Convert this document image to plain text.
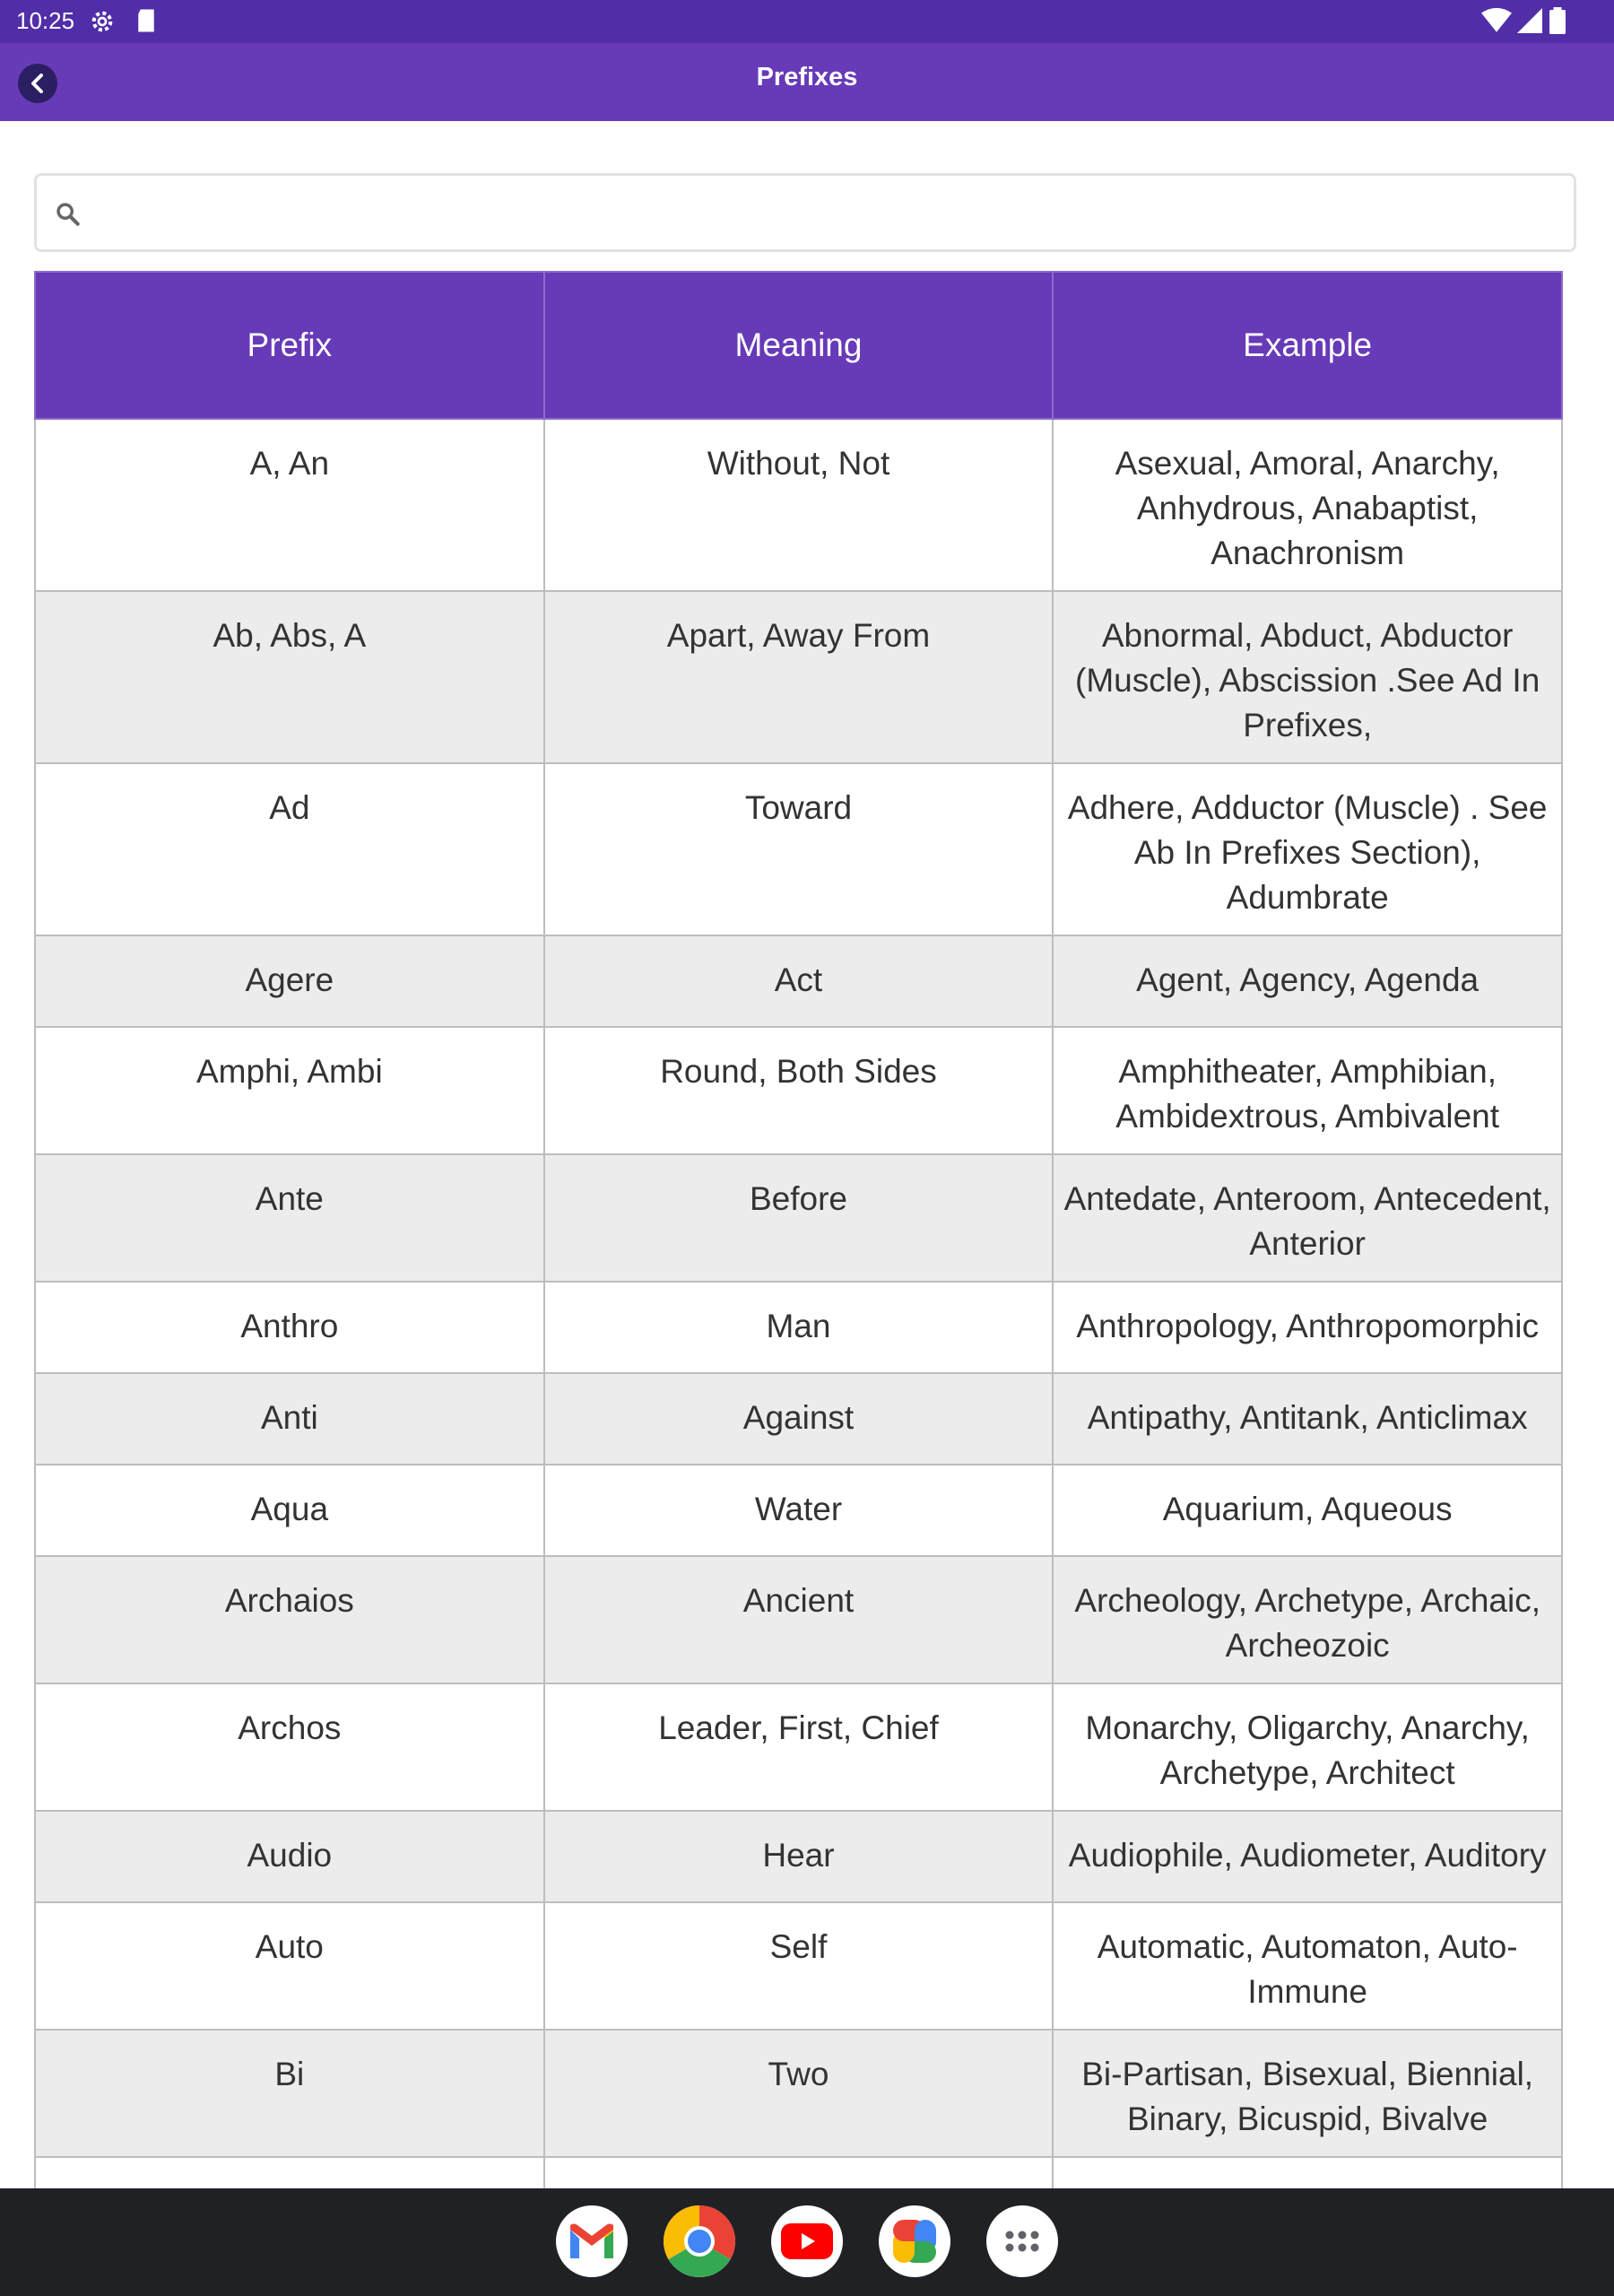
10:25
Prefixes
Prefix	Meaning	Example
A, An	Without, Not	Asexual, Amoral, Anarchy, Anhydrous, Anabaptist, Anachronism
Ab, Abs, A	Apart, Away From	Abnormal, Abduct, Abductor (Muscle), Abscission .See Ad In Prefixes,
Ad	Toward	Adhere, Adductor (Muscle) . See Ab In Prefixes Section), Adumbrate
Agere	Act	Agent, Agency, Agenda
Amphi, Ambi	Round, Both Sides	Amphitheater, Amphibian, Ambidextrous, Ambivalent
Ante	Before	Antedate, Anteroom, Antecedent, Anterior
Anthro	Man	Anthropology, Anthropomorphic
Anti	Against	Antipathy, Antitank, Anticlimax
Aqua	Water	Aquarium, Aqueous
Archaios	Ancient	Archeology, Archetype, Archaic, Archeozoic
Archos	Leader, First, Chief	Monarchy, Oligarchy, Anarchy, Archetype, Architect
Audio	Hear	Audiophile, Audiometer, Auditory
Auto	Self	Automatic, Automaton, Auto-Immune
Bi	Two	Bi-Partisan, Bisexual, Biennial, Binary, Bicuspid, Bivalve
